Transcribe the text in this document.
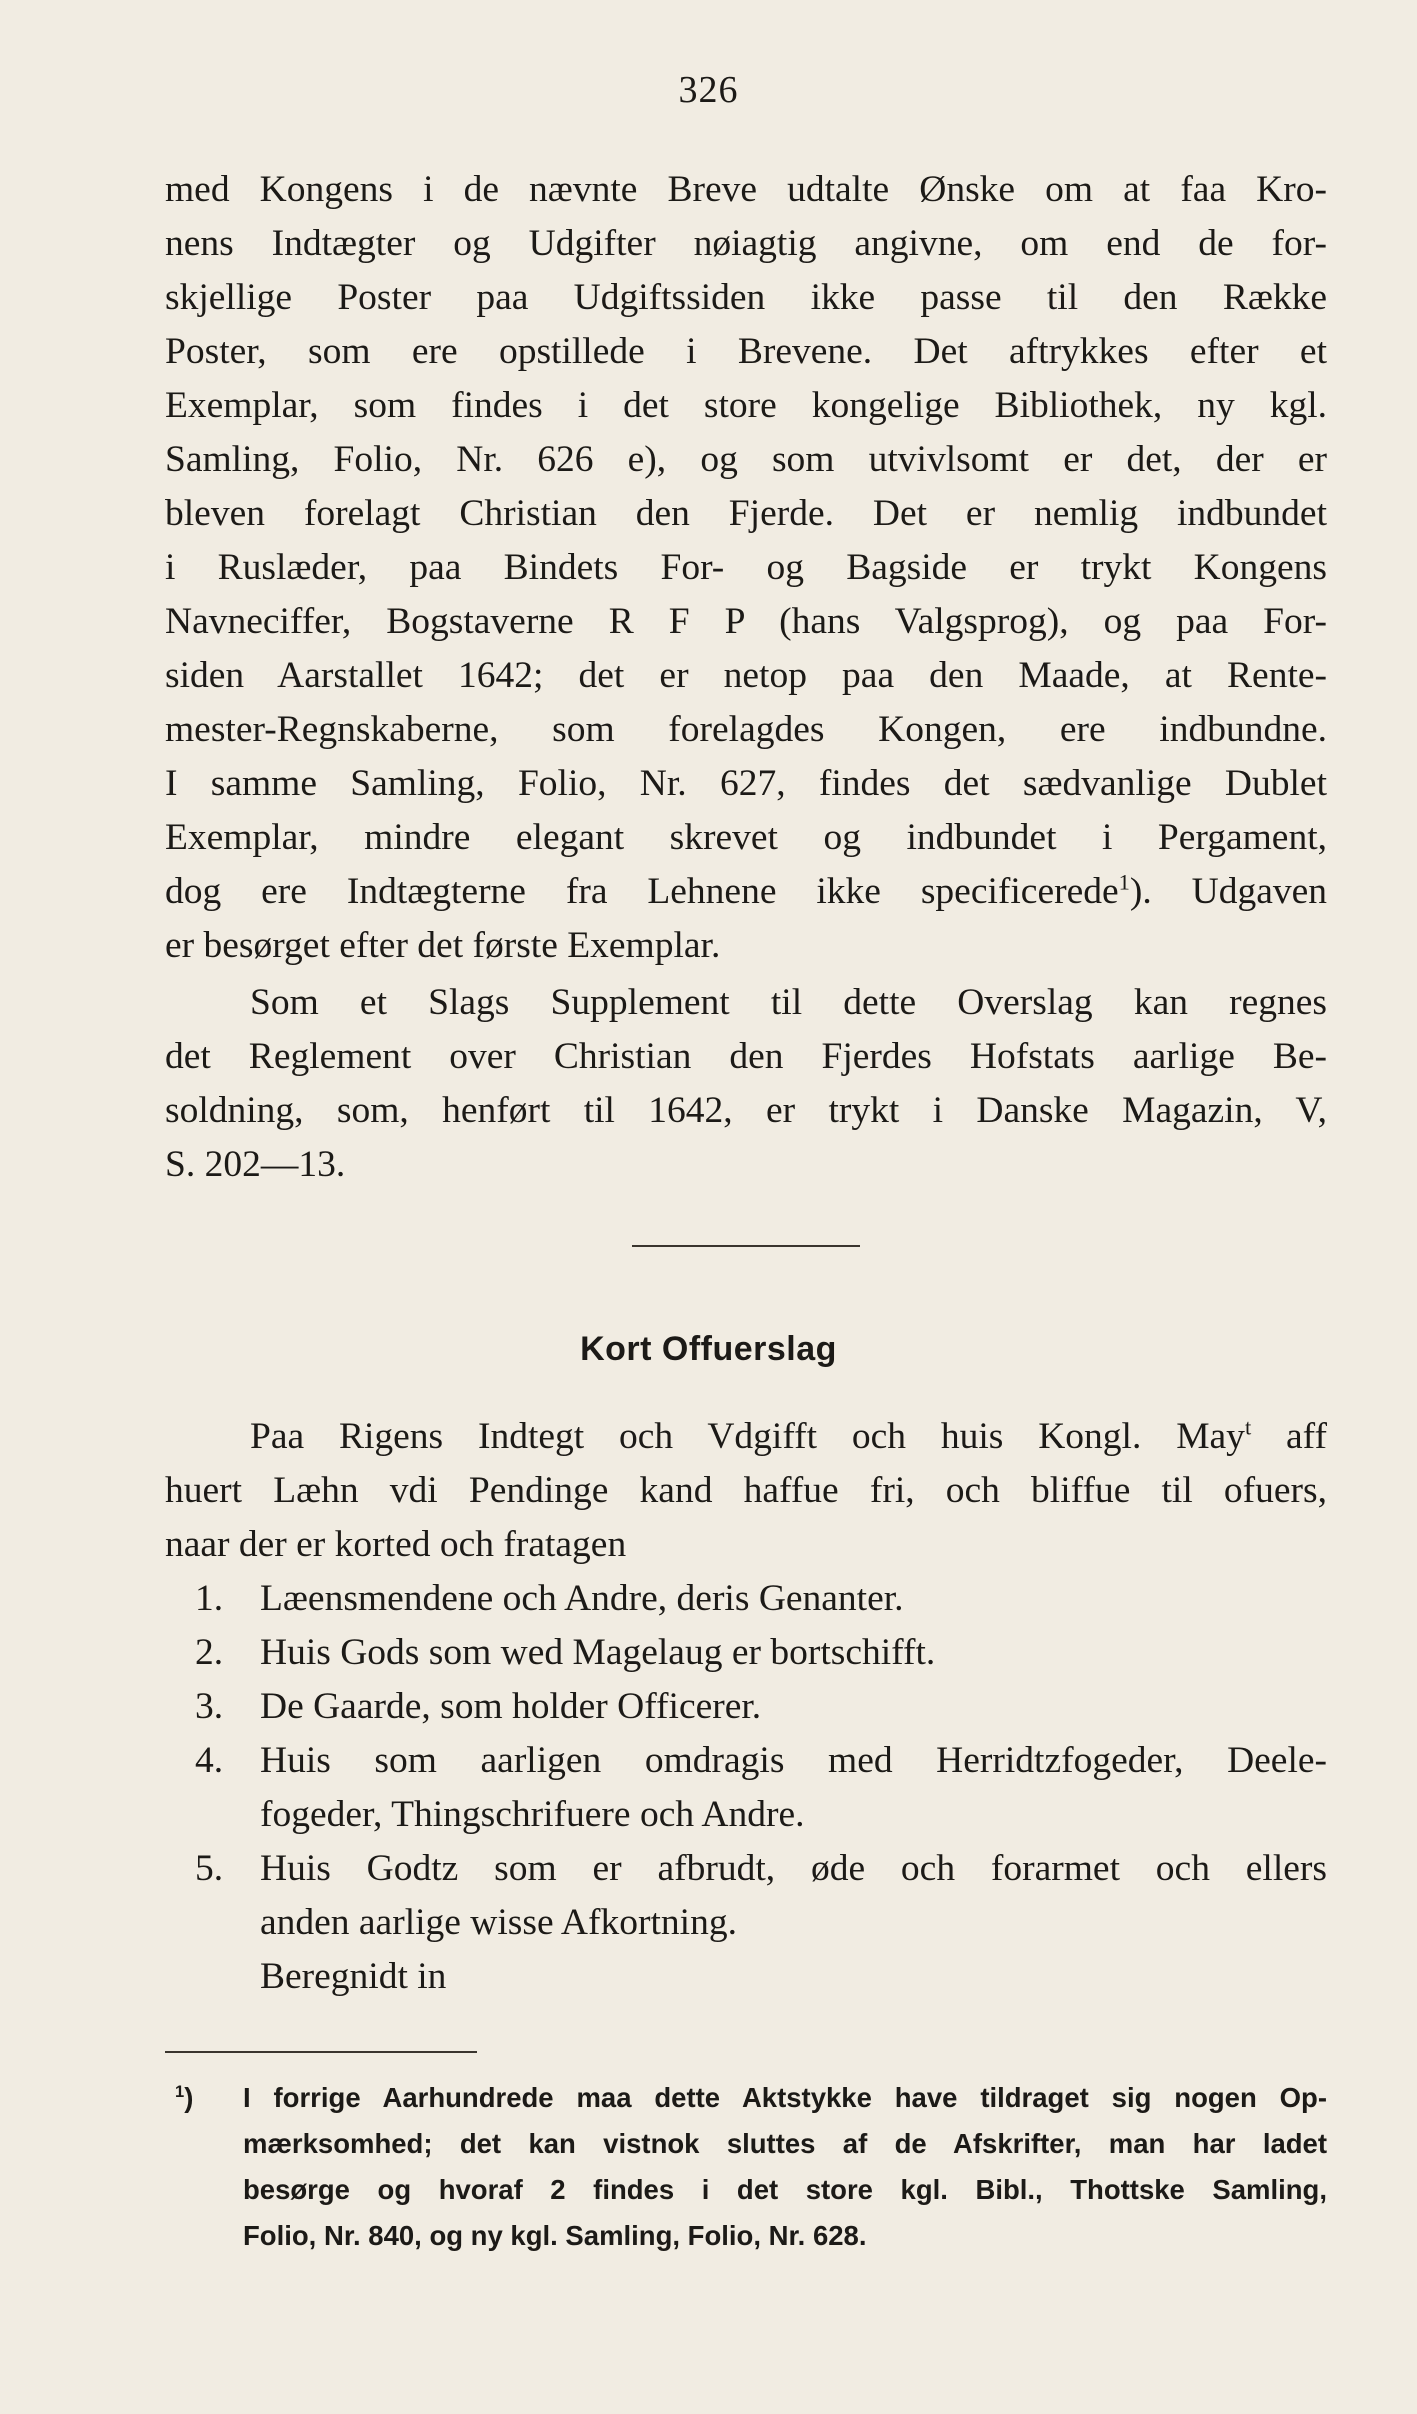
326
med Kongens i de nævnte Breve udtalte Ønske om at faa Kro-
nens Indtægter og Udgifter nøiagtig angivne, om end de for-
skjellige Poster paa Udgiftssiden ikke passe til den Række
Poster, som ere opstillede i Brevene. Det aftrykkes efter et
Exemplar, som findes i det store kongelige Bibliothek, ny kgl.
Samling, Folio, Nr. 626 e), og som utvivlsomt er det, der er
bleven forelagt Christian den Fjerde. Det er nemlig indbundet
i Ruslæder, paa Bindets For- og Bagside er trykt Kongens
Navneciffer, Bogstaverne R F P (hans Valgsprog), og paa For-
siden Aarstallet 1642; det er netop paa den Maade, at Rente-
mester-Regnskaberne, som forelagdes Kongen, ere indbundne.
I samme Samling, Folio, Nr. 627, findes det sædvanlige Dublet
Exemplar, mindre elegant skrevet og indbundet i Pergament,
dog ere Indtægterne fra Lehnene ikke specificerede$^1$). Udgaven
er besørget efter det første Exemplar.
Som et Slags Supplement til dette Overslag kan regnes
det Reglement over Christian den Fjerdes Hofstats aarlige Be-
soldning, som, henført til 1642, er trykt i Danske Magazin, V,
S. 202—13.
Kort Offuerslag
Paa Rigens Indtegt och Vdgifft och huis Kongl. May$^t$ aff
huert Læhn vdi Pendinge kand haffue fri, och bliffue til ofuers,
naar der er korted och fratagen
1. Læensmendene och Andre, deris Genanter.
2. Huis Gods som wed Magelaug er bortschifft.
3. De Gaarde, som holder Officerer.
4. Huis som aarligen omdragis med Herridtzfogeder, Deele-
fogeder, Thingschrifuere och Andre.
5. Huis Godtz som er afbrudt, øde och forarmet och ellers
anden aarlige wisse Afkortning.
Beregnidt in
$^1$) I forrige Aarhundrede maa dette Aktstykke have tildraget sig nogen Op-
mærksomhed; det kan vistnok sluttes af de Afskrifter, man har ladet
besørge og hvoraf 2 findes i det store kgl. Bibl., Thottske Samling,
Folio, Nr. 840, og ny kgl. Samling, Folio, Nr. 628.
